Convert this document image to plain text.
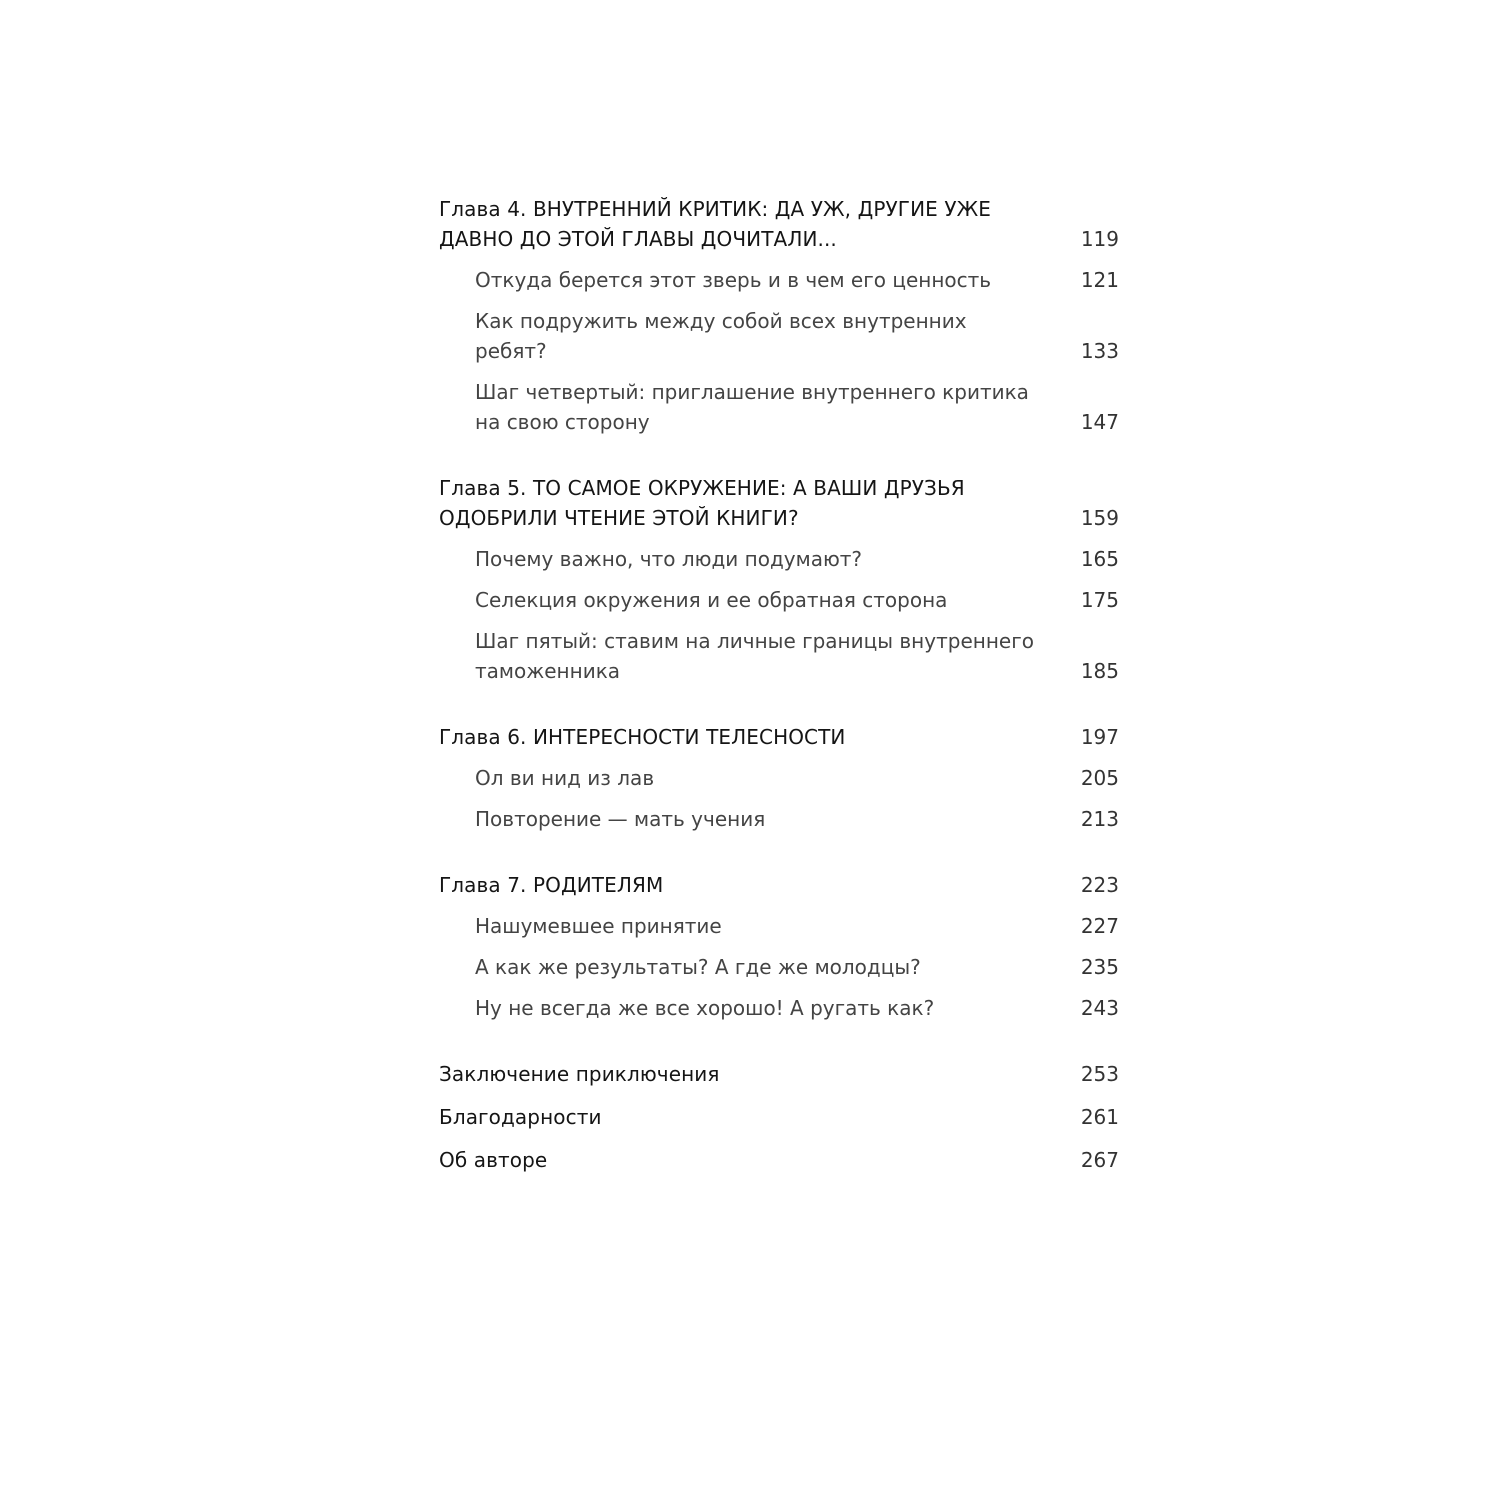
Глава 4. ВНУТРЕННИЙ КРИТИК: ДА УЖ, ДРУГИЕ УЖЕ ДАВНО ДО ЭТОЙ ГЛАВЫ ДОЧИТАЛИ...	119
Откуда берется этот зверь и в чем его ценность	121
Как подружить между собой всех внутренних ребят?	133
Шаг четвертый: приглашение внутреннего критика на свою сторону	147
Глава 5. ТО САМОЕ ОКРУЖЕНИЕ: А ВАШИ ДРУЗЬЯ ОДОБРИЛИ ЧТЕНИЕ ЭТОЙ КНИГИ?	159
Почему важно, что люди подумают?	165
Селекция окружения и ее обратная сторона	175
Шаг пятый: ставим на личные границы внутреннего таможенника	185
Глава 6. ИНТЕРЕСНОСТИ ТЕЛЕСНОСТИ	197
Ол ви нид из лав	205
Повторение — мать учения	213
Глава 7. РОДИТЕЛЯМ	223
Нашумевшее принятие	227
А как же результаты? А где же молодцы?	235
Ну не всегда же все хорошо! А ругать как?	243
Заключение приключения	253
Благодарности	261
Об авторе	267
